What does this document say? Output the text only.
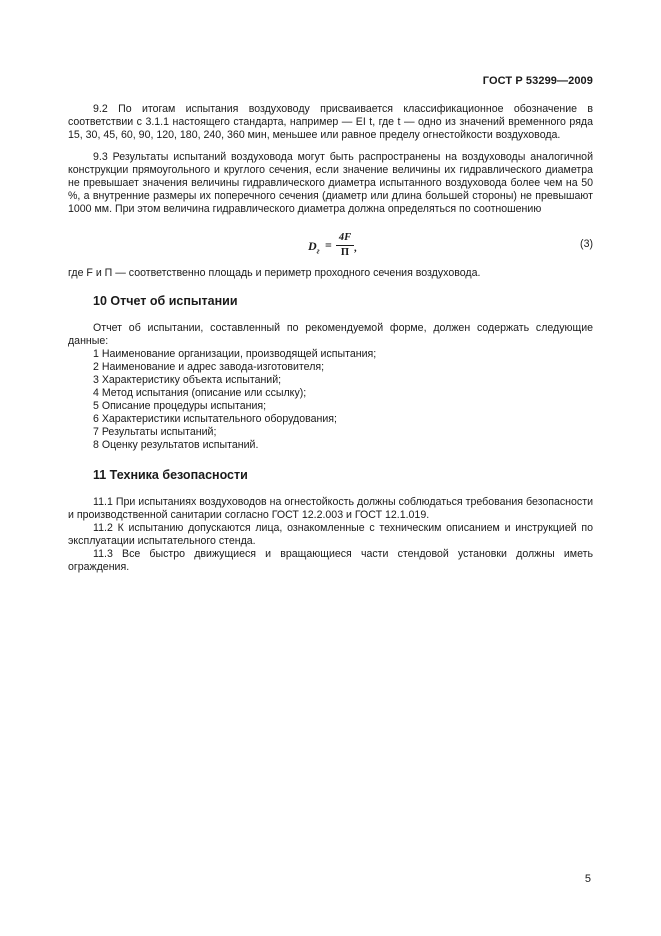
ГОСТ Р 53299—2009

9.2 По итогам испытания воздуховоду присваивается классификационное обозначение в соответствии с 3.1.1 настоящего стандарта, например — EI t, где t — одно из значений временного ряда 15, 30, 45, 60, 90, 120, 180, 240, 360 мин, меньшее или равное пределу огнестойкости воздуховода.

9.3 Результаты испытаний воздуховода могут быть распространены на воздуховоды аналогичной конструкции прямоугольного и круглого сечения, если значение величины их гидравлического диаметра не превышает значения величины гидравлического диаметра испытанного воздуховода более чем на 50 %, а внутренние размеры их поперечного сечения (диаметр или длина большей стороны) не превышают 1000 мм. При этом величина гидравлического диаметра должна определяться по соотношению

$D_г$ =
4F
П ,	(3)

где F и П — соответственно площадь и периметр проходного сечения воздуховода.

10 Отчет об испытании

Отчет об испытании, составленный по рекомендуемой форме, должен содержать следующие данные:

1 Наименование организации, производящей испытания;

2 Наименование и адрес завода-изготовителя;

3 Характеристику объекта испытаний;

4 Метод испытания (описание или ссылку);

5 Описание процедуры испытания;

6 Характеристики испытательного оборудования;

7 Результаты испытаний;

8 Оценку результатов испытаний.

11 Техника безопасности

11.1 При испытаниях воздуховодов на огнестойкость должны соблюдаться требования безопасности и производственной санитарии согласно ГОСТ 12.2.003 и ГОСТ 12.1.019.

11.2 К испытанию допускаются лица, ознакомленные с техническим описанием и инструкцией по эксплуатации испытательного стенда.

11.3 Все быстро движущиеся и вращающиеся части стендовой установки должны иметь ограждения.

5
